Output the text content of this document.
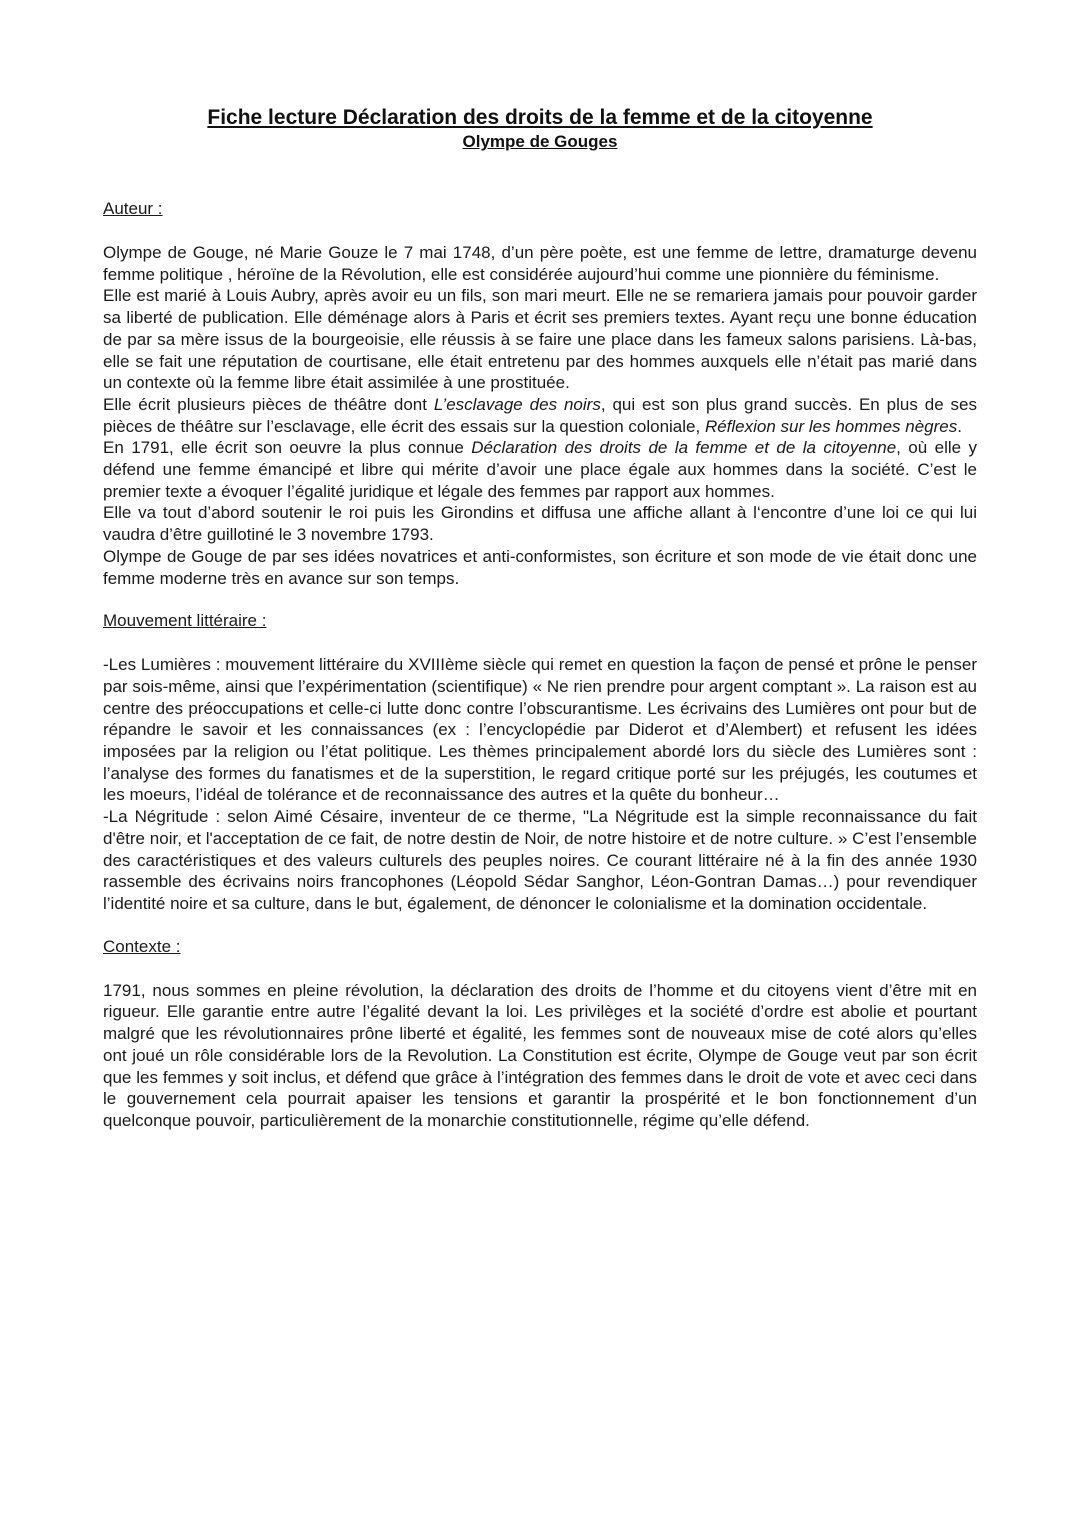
Fiche lecture Déclaration des droits de la femme et de la citoyenne
Olympe de Gouges
Auteur :

Olympe de Gouge, né Marie Gouze le 7 mai 1748, d’un père poète, est une femme de lettre, dramaturge devenu femme politique , héroïne de la Révolution, elle est considérée aujourd’hui comme une pionnière du féminisme.

Elle est marié à Louis Aubry, après avoir eu un fils, son mari meurt. Elle ne se remariera jamais pour pouvoir garder sa liberté de publication. Elle déménage alors à Paris et écrit ses premiers textes. Ayant reçu une bonne éducation de par sa mère issus de la bourgeoisie, elle réussis à se faire une place dans les fameux salons parisiens. Là-bas, elle se fait une réputation de courtisane, elle était entretenu par des hommes auxquels elle n’était pas marié dans un contexte où la femme libre était assimilée à une prostituée.

Elle écrit plusieurs pièces de théâtre dont L’esclavage des noirs, qui est son plus grand succès. En plus de ses pièces de théâtre sur l’esclavage, elle écrit des essais sur la question coloniale, Réflexion sur les hommes nègres.

En 1791, elle écrit son oeuvre la plus connue Déclaration des droits de la femme et de la citoyenne, où elle y défend une femme émancipé et libre qui mérite d’avoir une place égale aux hommes dans la société. C’est le premier texte a évoquer l’égalité juridique et légale des femmes par rapport aux hommes.

Elle va tout d’abord soutenir le roi puis les Girondins et diffusa une affiche allant à l‘encontre d’une loi ce qui lui vaudra d’être guillotiné le 3 novembre 1793.

Olympe de Gouge de par ses idées novatrices et anti-conformistes, son écriture et son mode de vie était donc une femme moderne très en avance sur son temps.

Mouvement littéraire :

-Les Lumières : mouvement littéraire du XVIIIème siècle qui remet en question la façon de pensé et prône le penser par sois-même, ainsi que l’expérimentation (scientifique) « Ne rien prendre pour argent comptant ». La raison est au centre des préoccupations et celle-ci lutte donc contre l’obscurantisme. Les écrivains des Lumières ont pour but de répandre le savoir et les connaissances (ex : l’encyclopédie par Diderot et d’Alembert) et refusent les idées imposées par la religion ou l’état politique. Les thèmes principalement abordé lors du siècle des Lumières sont : l’analyse des formes du fanatismes et de la superstition, le regard critique porté sur les préjugés, les coutumes et les moeurs, l’idéal de tolérance et de reconnaissance des autres et la quête du bonheur…

-La Négritude : selon Aimé Césaire, inventeur de ce therme, "La Négritude est la simple reconnaissance du fait d'être noir, et l'acceptation de ce fait, de notre destin de Noir, de notre histoire et de notre culture. » C’est l’ensemble des caractéristiques et des valeurs culturels des peuples noires. Ce courant littéraire né à la fin des année 1930 rassemble des écrivains noirs francophones (Léopold Sédar Sanghor, Léon-Gontran Damas…) pour revendiquer l’identité noire et sa culture, dans le but, également, de dénoncer le colonialisme et la domination occidentale.

Contexte :

1791, nous sommes en pleine révolution, la déclaration des droits de l’homme et du citoyens vient d’être mit en rigueur. Elle garantie entre autre l’égalité devant la loi. Les privilèges et la société d’ordre est abolie et pourtant malgré que les révolutionnaires prône liberté et égalité, les femmes sont de nouveaux mise de coté alors qu’elles ont joué un rôle considérable lors de la Revolution. La Constitution est écrite, Olympe de Gouge veut par son écrit que les femmes y soit inclus, et défend que grâce à l’intégration des femmes dans le droit de vote et avec ceci dans le gouvernement cela pourrait apaiser les tensions et garantir la prospérité et le bon fonctionnement d’un quelconque pouvoir, particulièrement de la monarchie constitutionnelle, régime qu’elle défend.
